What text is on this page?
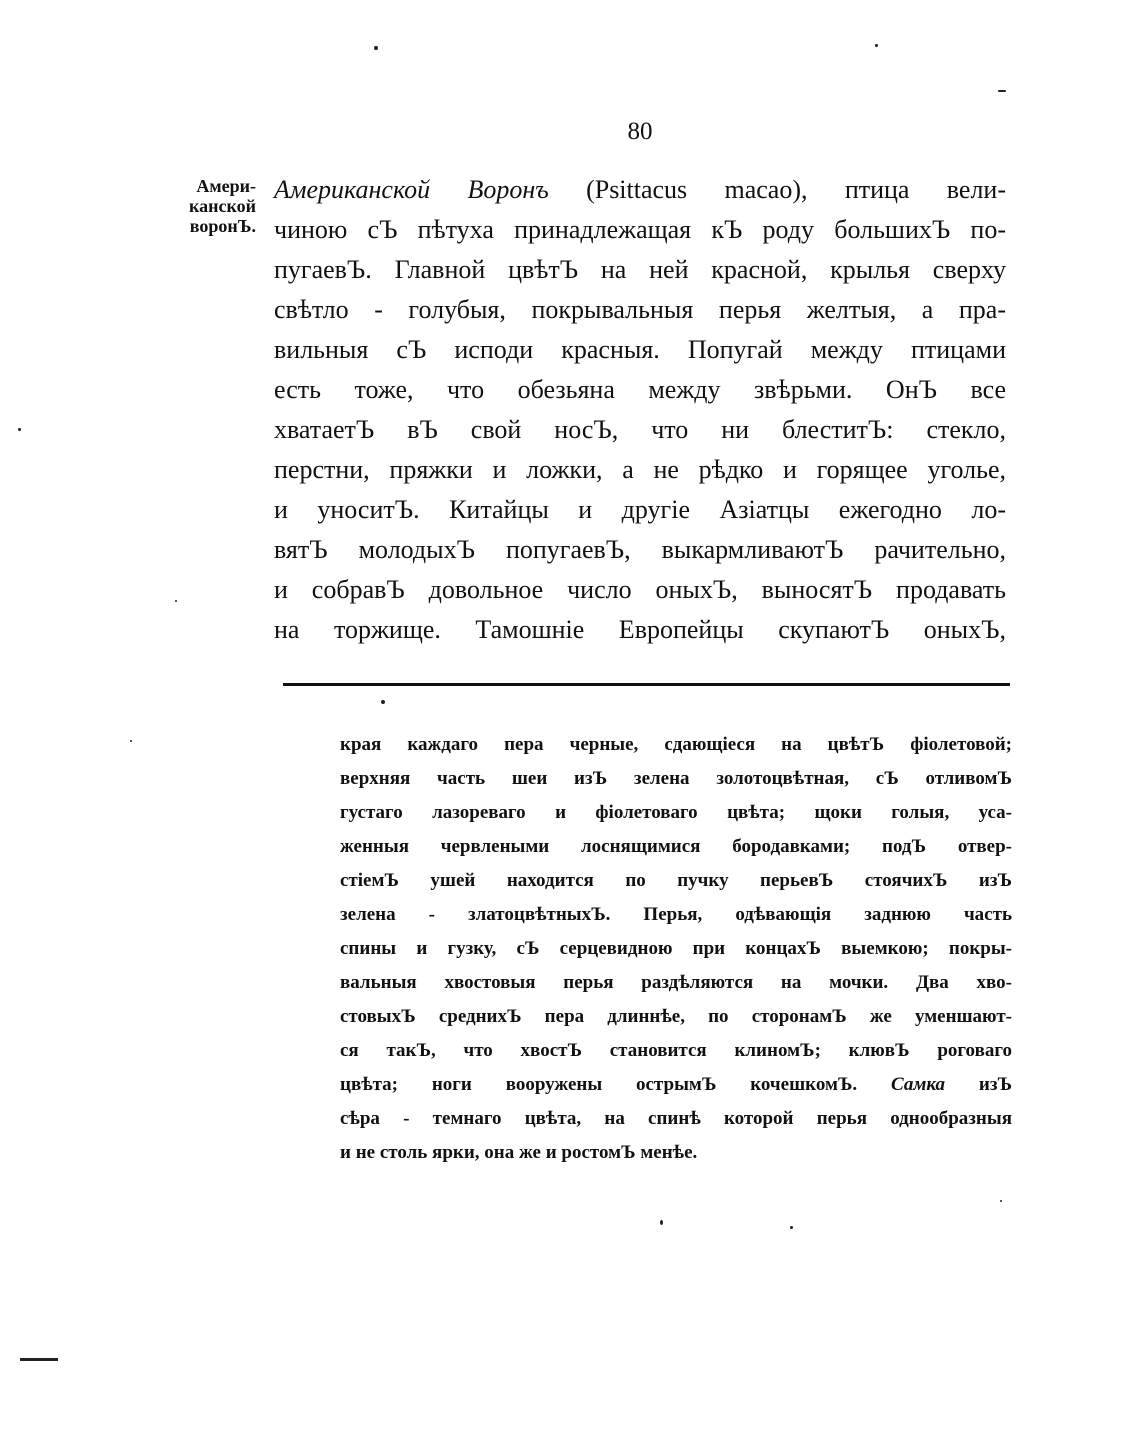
80
Амери-
канской
воронЪ.
Американской Воронъ (Psittacus macao), птица вели-
чиною сЪ пѣтуха принадлежащая кЪ роду большихЪ по-
пугаевЪ. Главной цвѣтЪ на ней красной, крылья сверху
свѣтло - голубыя, покрывальныя перья желтыя, а пра-
вильныя сЪ исподи красныя. Попугай между птицами
есть тоже, что обезьяна между звѣрьми. ОнЪ все
хватаетЪ вЪ свой носЪ, что ни блеститЪ: стекло,
перстни, пряжки и ложки, а не рѣдко и горящее уголье,
и уноситЪ. Китайцы и другіе Азіатцы ежегодно ло-
вятЪ молодыхЪ попугаевЪ, выкармливаютЪ рачительно,
и собравЪ довольное число оныхЪ, выносятЪ продавать
на торжище. Тамошніе Европейцы скупаютЪ оныхЪ,
края каждаго пера черные, сдающіеся на цвѣтЪ фіолетовой;
верхняя часть шеи изЪ зелена золотоцвѣтная, сЪ отливомЪ
густаго лазореваго и фіолетоваго цвѣта; щоки голыя, уса-
женныя червлеными лоснящимися бородавками; подЪ отвер-
стіемЪ ушей находится по пучку перьевЪ стоячихЪ изЪ
зелена - златоцвѣтныхЪ. Перья, одѣвающія заднюю часть
спины и гузку, сЪ серцевидною при концахЪ выемкою; покры-
вальныя хвостовыя перья раздѣляются на мочки. Два хво-
стовыхЪ среднихЪ пера длиннѣе, по сторонамЪ же уменшают-
ся такЪ, что хвостЪ становится клиномЪ; клювЪ роговаго
цвѣта; ноги вооружены острымЪ кочешкомЪ. Самка изЪ
сѣра - темнаго цвѣта, на спинѣ которой перья однообразныя
и не столь ярки, она же и ростомЪ менѣе.
